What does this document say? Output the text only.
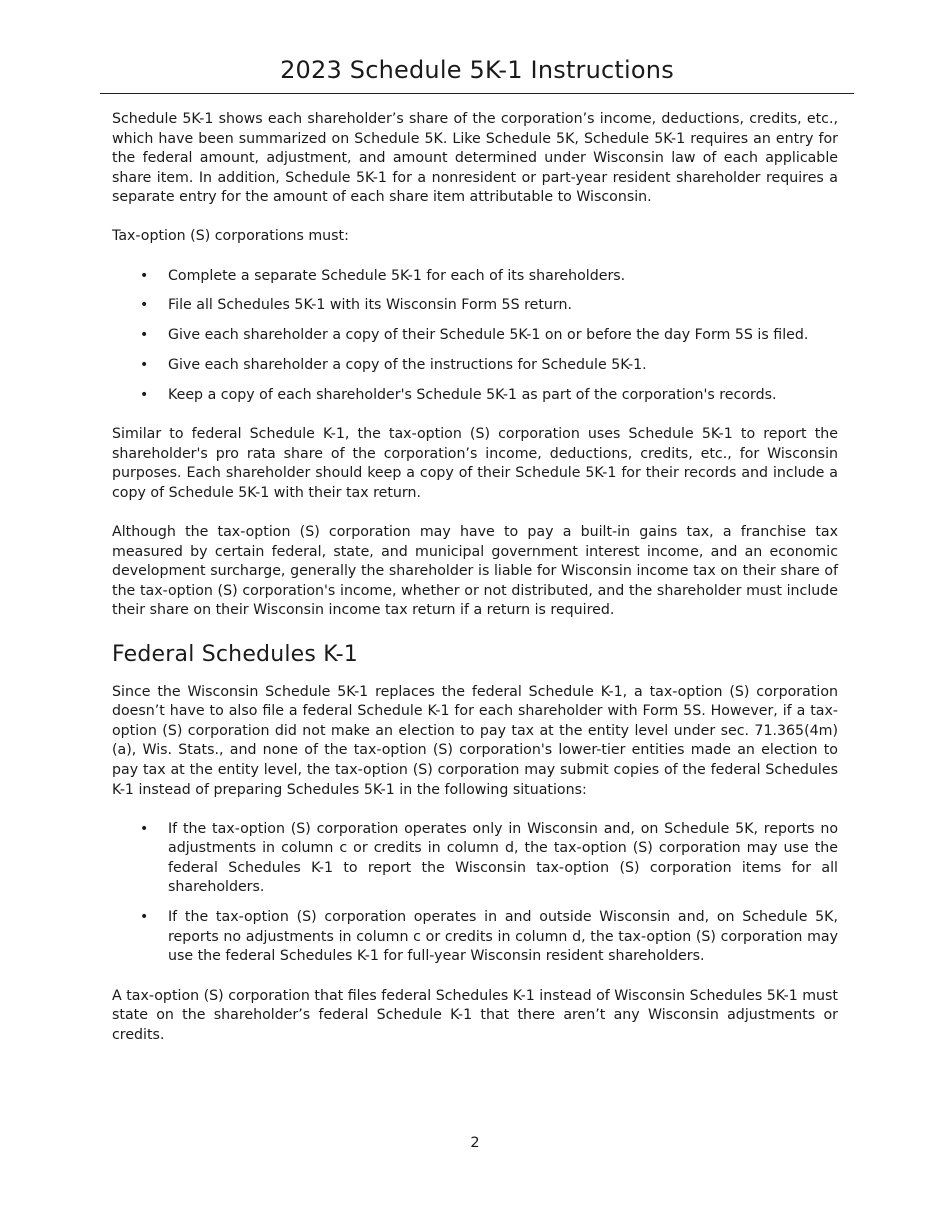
2023 Schedule 5K-1 Instructions

Schedule 5K-1 shows each shareholder’s share of the corporation’s income, deductions, credits, etc., which have been summarized on Schedule 5K. Like Schedule 5K, Schedule 5K-1 requires an entry for the federal amount, adjustment, and amount determined under Wisconsin law of each applicable share item. In addition, Schedule 5K-1 for a nonresident or part-year resident shareholder requires a separate entry for the amount of each share item attributable to Wisconsin.

Tax-option (S) corporations must:

• Complete a separate Schedule 5K-1 for each of its shareholders.
• File all Schedules 5K-1 with its Wisconsin Form 5S return.
• Give each shareholder a copy of their Schedule 5K-1 on or before the day Form 5S is filed.
• Give each shareholder a copy of the instructions for Schedule 5K-1.
• Keep a copy of each shareholder's Schedule 5K-1 as part of the corporation's records.

Similar to federal Schedule K-1, the tax-option (S) corporation uses Schedule 5K-1 to report the shareholder's pro rata share of the corporation’s income, deductions, credits, etc., for Wisconsin purposes. Each shareholder should keep a copy of their Schedule 5K-1 for their records and include a copy of Schedule 5K-1 with their tax return.

Although the tax-option (S) corporation may have to pay a built-in gains tax, a franchise tax measured by certain federal, state, and municipal government interest income, and an economic development surcharge, generally the shareholder is liable for Wisconsin income tax on their share of the tax-option (S) corporation's income, whether or not distributed, and the shareholder must include their share on their Wisconsin income tax return if a return is required.

Federal Schedules K-1

Since the Wisconsin Schedule 5K-1 replaces the federal Schedule K-1, a tax-option (S) corporation doesn’t have to also file a federal Schedule K-1 for each shareholder with Form 5S. However, if a tax-option (S) corporation did not make an election to pay tax at the entity level under sec. 71.365(4m)(a), Wis. Stats., and none of the tax-option (S) corporation's lower-tier entities made an election to pay tax at the entity level, the tax-option (S) corporation may submit copies of the federal Schedules K-1 instead of preparing Schedules 5K-1 in the following situations:

• If the tax-option (S) corporation operates only in Wisconsin and, on Schedule 5K, reports no adjustments in column c or credits in column d, the tax-option (S) corporation may use the federal Schedules K-1 to report the Wisconsin tax-option (S) corporation items for all shareholders.
• If the tax-option (S) corporation operates in and outside Wisconsin and, on Schedule 5K, reports no adjustments in column c or credits in column d, the tax-option (S) corporation may use the federal Schedules K-1 for full-year Wisconsin resident shareholders.

A tax-option (S) corporation that files federal Schedules K-1 instead of Wisconsin Schedules 5K-1 must state on the shareholder’s federal Schedule K-1 that there aren’t any Wisconsin adjustments or credits.

2
